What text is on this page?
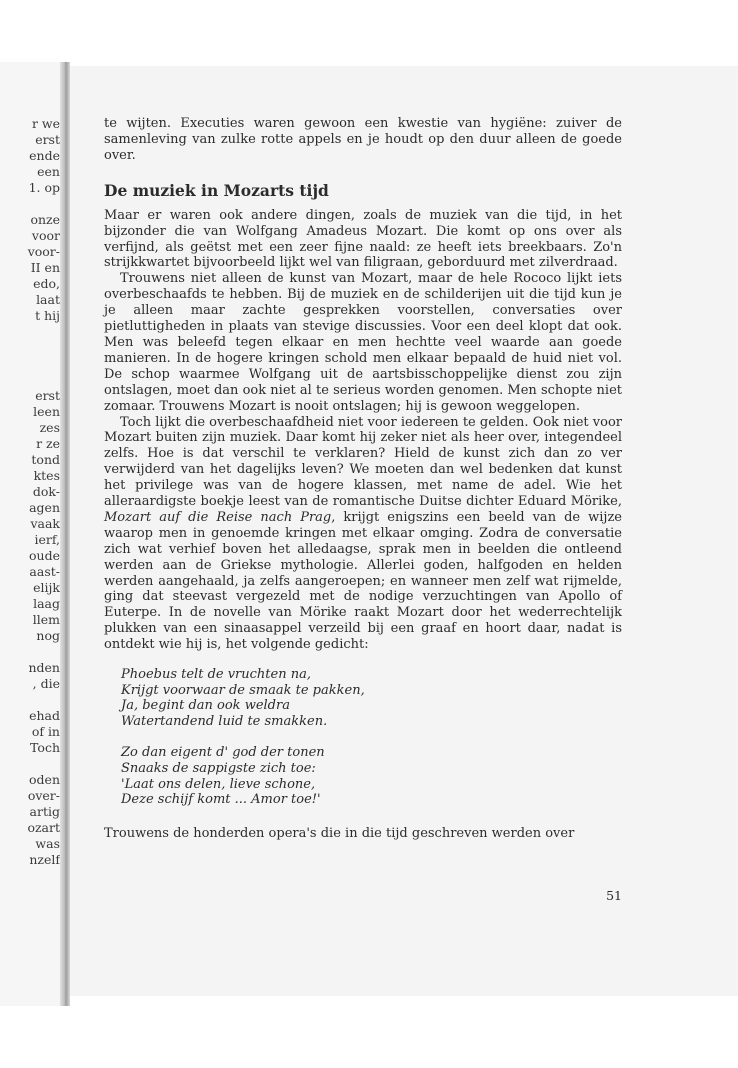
r we
erst
ende
een
1. op
onze
voor
voor-
II en
edo,
laat
t hij
erst
leen
zes
r ze
tond
ktes
dok-
agen
vaak
ierf,
oude
aast-
elijk
laag
llem
nog
nden
, die
ehad
of in
Toch
oden
over-
artig
ozart
was
nzelf

te wijten. Executies waren gewoon een kwestie van hygiëne: zuiver de samenleving van zulke rotte appels en je houdt op den duur alleen de goede over.

De muziek in Mozarts tijd

Maar er waren ook andere dingen, zoals de muziek van die tijd, in het bijzonder die van Wolfgang Amadeus Mozart. Die komt op ons over als verfijnd, als geëtst met een zeer fijne naald: ze heeft iets breekbaars. Zo'n strijkkwartet bijvoorbeeld lijkt wel van filigraan, geborduurd met zilverdraad.

Trouwens niet alleen de kunst van Mozart, maar de hele Rococo lijkt iets overbeschaafds te hebben. Bij de muziek en de schilderijen uit die tijd kun je je alleen maar zachte gesprekken voorstellen, conversaties over pietluttigheden in plaats van stevige discussies. Voor een deel klopt dat ook. Men was beleefd tegen elkaar en men hechtte veel waarde aan goede manieren. In de hogere kringen schold men elkaar bepaald de huid niet vol. De schop waarmee Wolfgang uit de aartsbisschoppelijke dienst zou zijn ontslagen, moet dan ook niet al te serieus worden genomen. Men schopte niet zomaar. Trouwens Mozart is nooit ontslagen; hij is gewoon weggelopen.

Toch lijkt die overbeschaafdheid niet voor iedereen te gelden. Ook niet voor Mozart buiten zijn muziek. Daar komt hij zeker niet als heer over, integendeel zelfs. Hoe is dat verschil te verklaren? Hield de kunst zich dan zo ver verwijderd van het dagelijks leven? We moeten dan wel bedenken dat kunst het privilege was van de hogere klassen, met name de adel. Wie het alleraardigste boekje leest van de romantische Duitse dichter Eduard Mörike, Mozart auf die Reise nach Prag, krijgt enigszins een beeld van de wijze waarop men in genoemde kringen met elkaar omging. Zodra de conversatie zich wat verhief boven het alledaagse, sprak men in beelden die ontleend werden aan de Griekse mythologie. Allerlei goden, halfgoden en helden werden aangehaald, ja zelfs aangeroepen; en wanneer men zelf wat rijmelde, ging dat steevast vergezeld met de nodige verzuchtingen van Apollo of Euterpe. In de novelle van Mörike raakt Mozart door het wederrechtelijk plukken van een sinaasappel verzeild bij een graaf en hoort daar, nadat is ontdekt wie hij is, het volgende gedicht:

Phoebus telt de vruchten na,
Krijgt voorwaar de smaak te pakken,
Ja, begint dan ook weldra
Watertandend luid te smakken.
Zo dan eigent d' god der tonen
Snaaks de sappigste zich toe:
'Laat ons delen, lieve schone,
Deze schijf komt ... Amor toe!'

Trouwens de honderden opera's die in die tijd geschreven werden over

51
